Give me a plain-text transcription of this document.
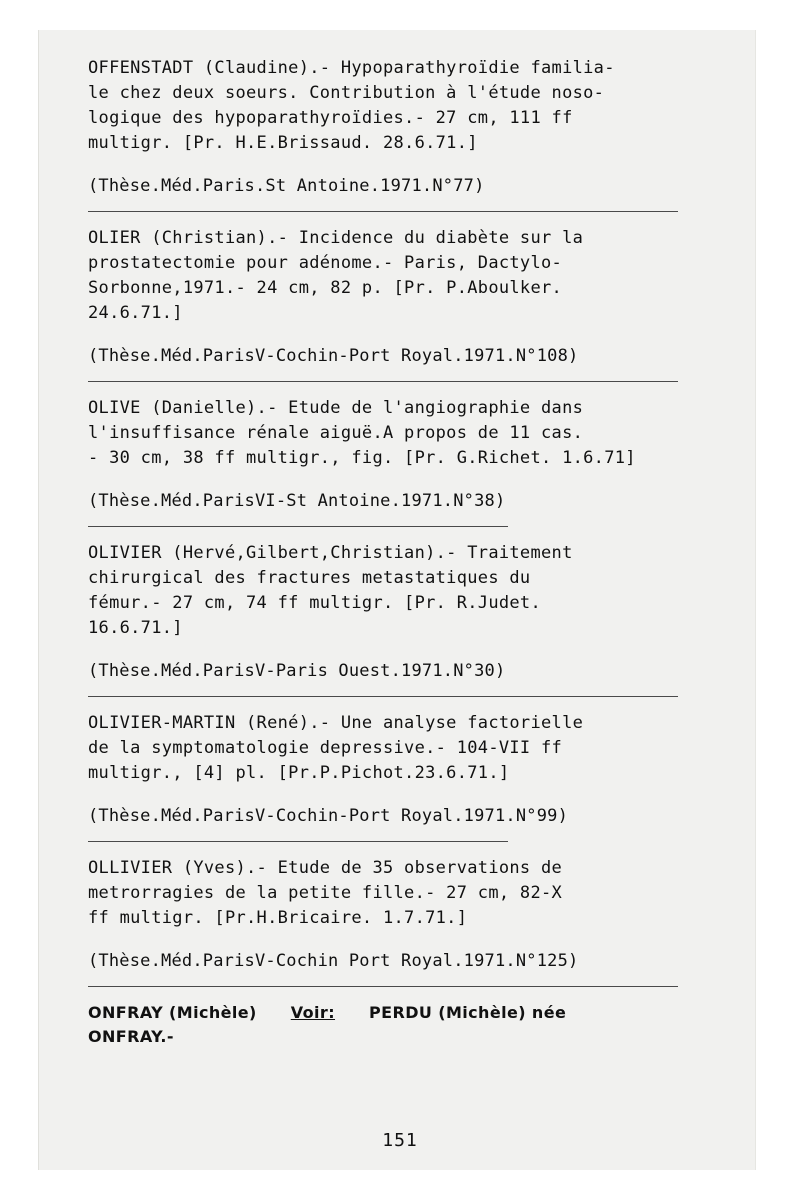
OFFENSTADT (Claudine).- Hypoparathyroïdie familia-
le chez deux soeurs. Contribution à l'étude noso-
logique des hypoparathyroïdies.- 27 cm, 111 ff
multigr. [Pr. H.E.Brissaud. 28.6.71.]
(Thèse.Méd.Paris.St Antoine.1971.N°77)
OLIER (Christian).- Incidence du diabète sur la
prostatectomie pour adénome.- Paris, Dactylo-
Sorbonne,1971.- 24 cm, 82 p. [Pr. P.Aboulker.
24.6.71.]
(Thèse.Méd.ParisV-Cochin-Port Royal.1971.N°108)
OLIVE (Danielle).- Etude de l'angiographie dans
l'insuffisance rénale aiguë.A propos de 11 cas.
- 30 cm, 38 ff multigr., fig. [Pr. G.Richet. 1.6.71]
(Thèse.Méd.ParisVI-St Antoine.1971.N°38)
OLIVIER (Hervé,Gilbert,Christian).- Traitement
chirurgical des fractures metastatiques du
fémur.- 27 cm, 74 ff multigr. [Pr. R.Judet.
16.6.71.]
(Thèse.Méd.ParisV-Paris Ouest.1971.N°30)
OLIVIER-MARTIN (René).- Une analyse factorielle
de la symptomatologie depressive.- 104-VII ff
multigr., [4] pl. [Pr.P.Pichot.23.6.71.]
(Thèse.Méd.ParisV-Cochin-Port Royal.1971.N°99)
OLLIVIER (Yves).- Etude de 35 observations de
metrorragies de la petite fille.- 27 cm, 82-X
ff multigr. [Pr.H.Bricaire. 1.7.71.]
(Thèse.Méd.ParisV-Cochin Port Royal.1971.N°125)
ONFRAY (Michèle) Voir: PERDU (Michèle) née
ONFRAY.-
151
